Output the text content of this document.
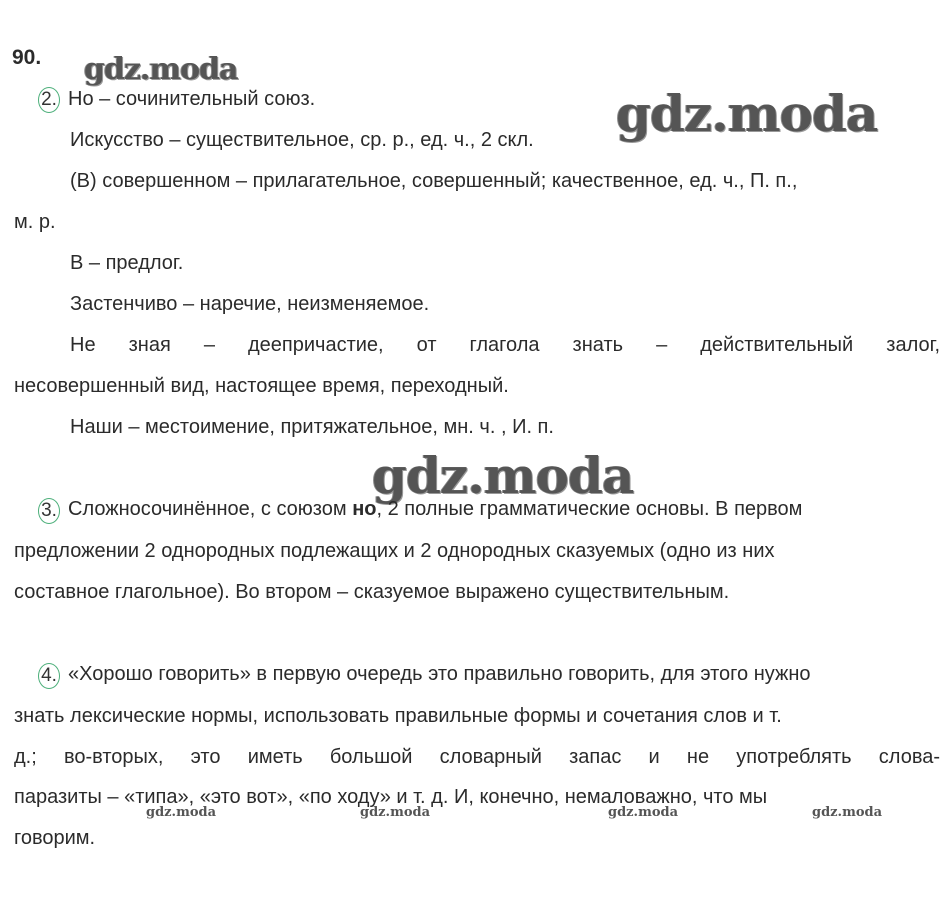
90. gdz.moda
gdz.moda
gdz.moda
gdz.moda	gdz.moda	gdz.moda	gdz.moda
2. Но – сочинительный союз.
Искусство – существительное, ср. р., ед. ч., 2 скл.
(В) совершенном – прилагательное, совершенный; качественное, ед. ч., П. п.,
м. р.
В – предлог.
Застенчиво – наречие, неизменяемое.
Не зная – деепричастие, от глагола знать – действительный залог,
несовершенный вид, настоящее время, переходный.
Наши – местоимение, притяжательное, мн. ч. , И. п.
3. Сложносочинённое, с союзом но, 2 полные грамматические основы. В первом
предложении 2 однородных подлежащих и 2 однородных сказуемых (одно из них
составное глагольное). Во втором – сказуемое выражено существительным.
4. «Хорошо говорить» в первую очередь это правильно говорить, для этого нужно
знать лексические нормы, использовать правильные формы и сочетания слов и т.
д.; во-вторых, это иметь большой словарный запас и не употреблять слова-
паразиты – «типа», «это вот», «по ходу» и т. д. И, конечно, немаловажно, что мы
говорим.
